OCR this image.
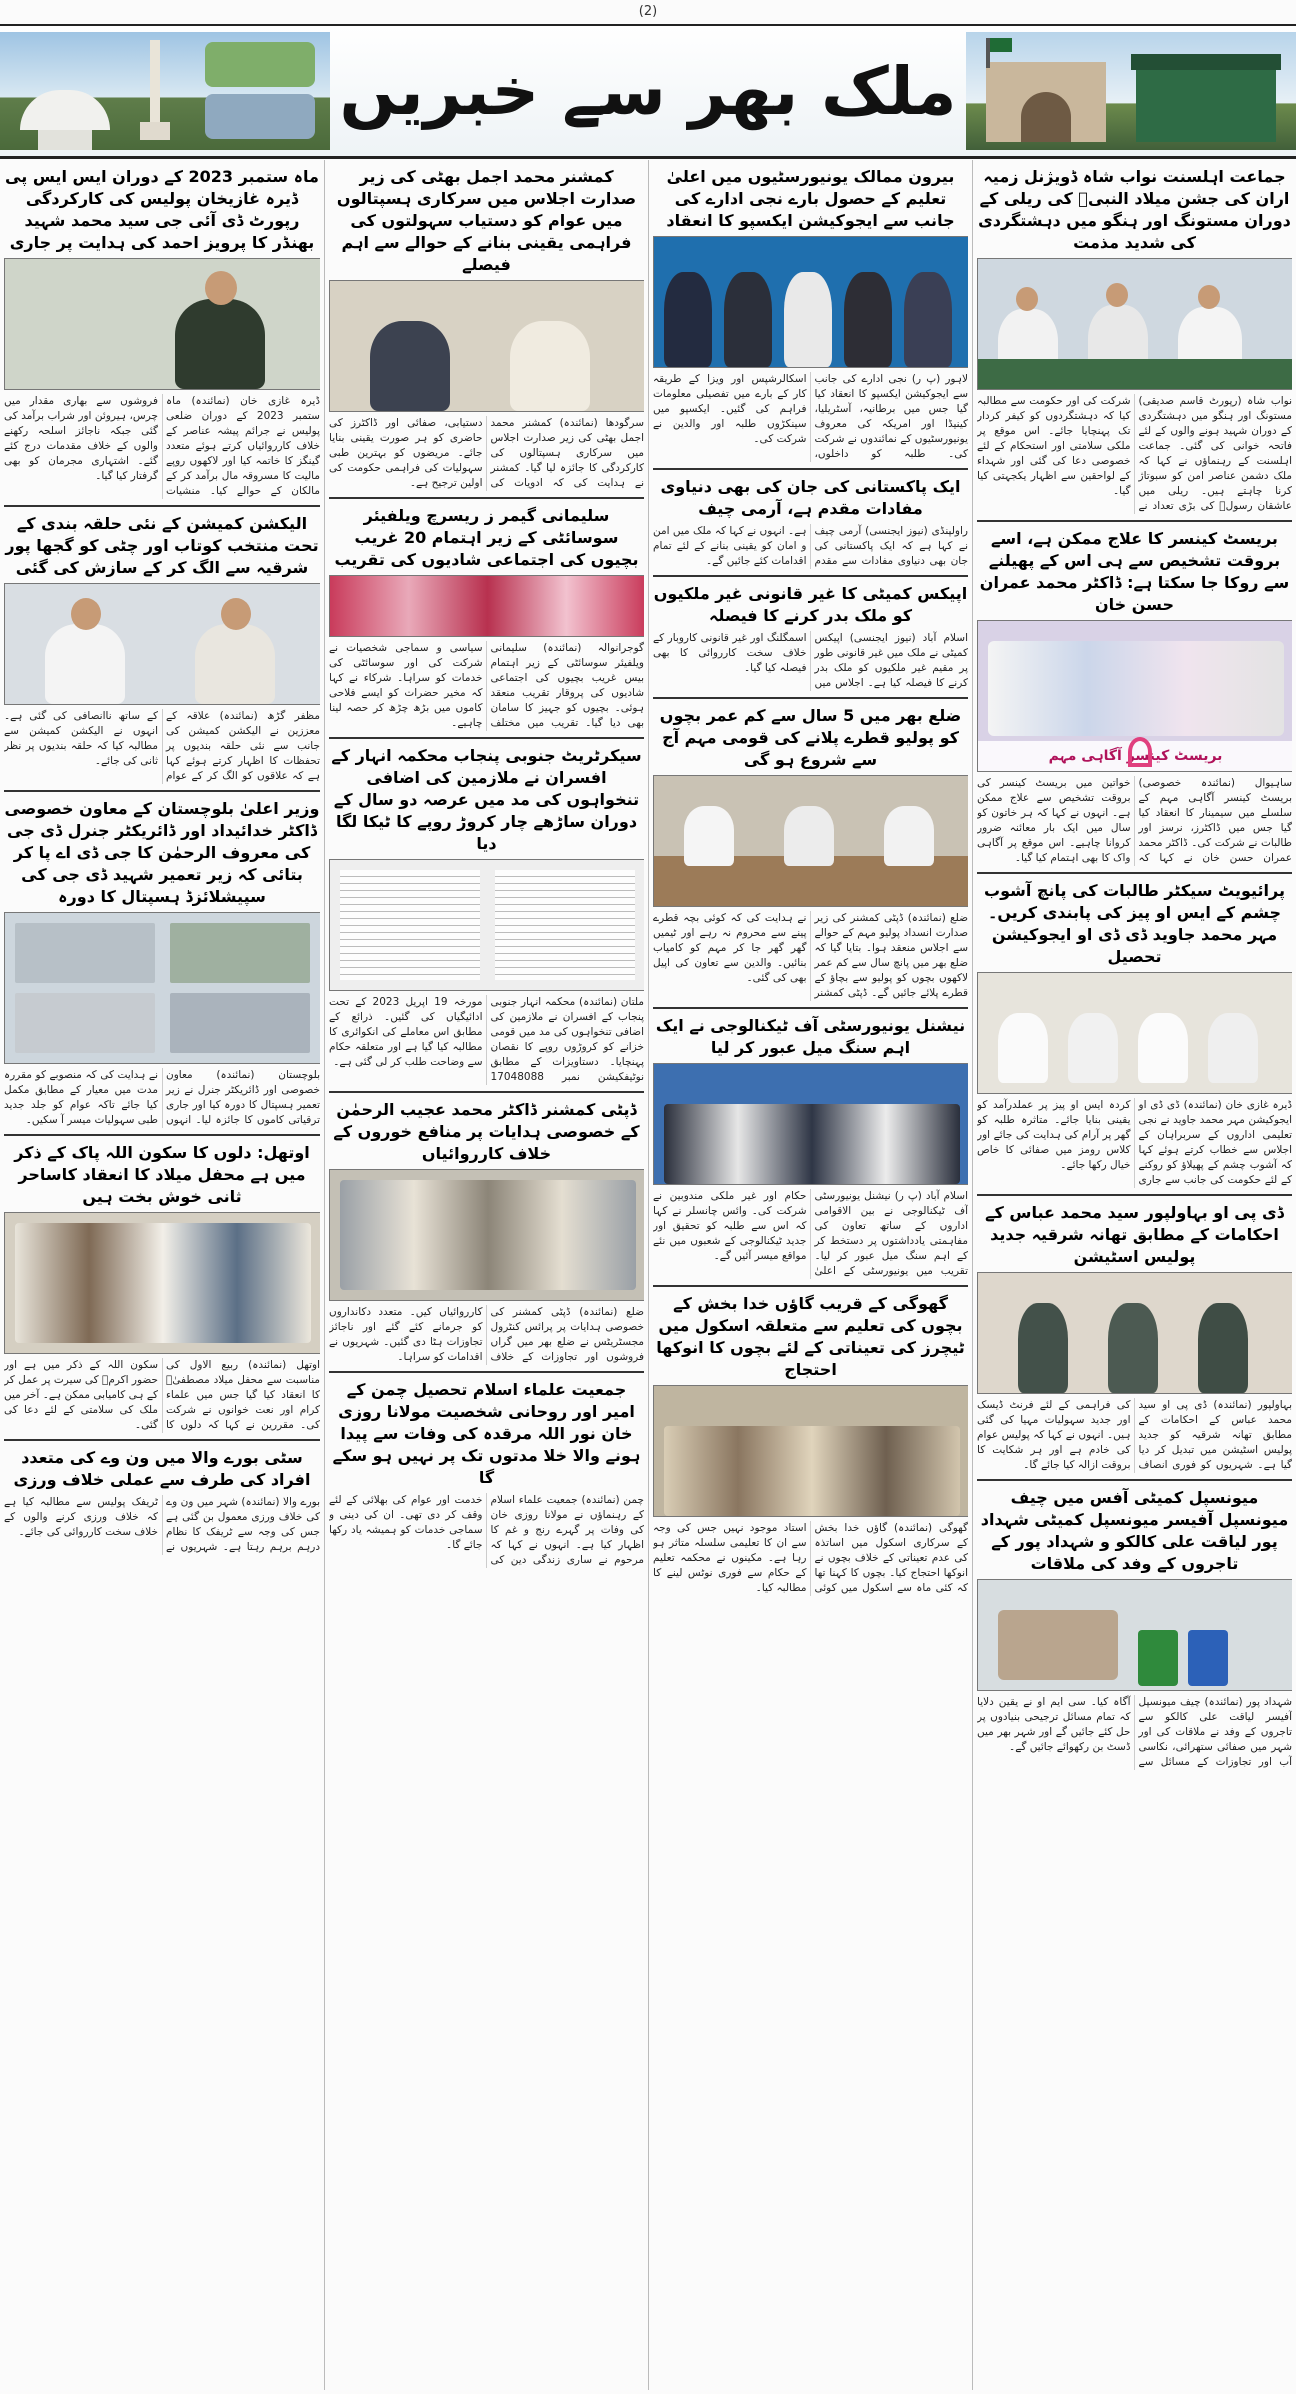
(2)
ملک بھر سے خبریں
جماعت اہلسنت نواب شاہ ڈویژنل زمیہ اران کی جشن میلاد النبیؐ کی ریلی کے دوران مستونگ اور ہنگو میں دہشتگردی کی شدید مذمت
نواب شاہ (رپورٹ قاسم صدیقی) مستونگ اور ہنگو میں دہشتگردی کے دوران شہید ہونے والوں کے لئے فاتحہ خوانی کی گئی۔ جماعت اہلسنت کے رہنماؤں نے کہا کہ ملک دشمن عناصر امن کو سبوتاژ کرنا چاہتے ہیں۔ ریلی میں عاشقان رسولؐ کی بڑی تعداد نے شرکت کی اور حکومت سے مطالبہ کیا کہ دہشتگردوں کو کیفر کردار تک پہنچایا جائے۔ اس موقع پر ملکی سلامتی اور استحکام کے لئے خصوصی دعا کی گئی اور شہداء کے لواحقین سے اظہار یکجہتی کیا گیا۔
بریسٹ کینسر کا علاج ممکن ہے، اسے بروقت تشخیص سے ہی اس کے پھیلنے سے روکا جا سکتا ہے: ڈاکٹر محمد عمران حسن خان
بریسٹ کینسر آگاہی مہم
ساہیوال (نمائندہ خصوصی) بریسٹ کینسر آگاہی مہم کے سلسلے میں سیمینار کا انعقاد کیا گیا جس میں ڈاکٹرز، نرسز اور طالبات نے شرکت کی۔ ڈاکٹر محمد عمران حسن خان نے کہا کہ خواتین میں بریسٹ کینسر کی بروقت تشخیص سے علاج ممکن ہے۔ انہوں نے کہا کہ ہر خاتون کو سال میں ایک بار معائنہ ضرور کروانا چاہیے۔ اس موقع پر آگاہی واک کا بھی اہتمام کیا گیا۔
پرائیویٹ سیکٹر طالبات کی پانچ آشوب چشم کے ایس او پیز کی پابندی کریں۔ مہر محمد جاوید ڈی ڈی او ایجوکیشن تحصیل
ڈیرہ غازی خان (نمائندہ) ڈی ڈی او ایجوکیشن مہر محمد جاوید نے نجی تعلیمی اداروں کے سربراہان کے اجلاس سے خطاب کرتے ہوئے کہا کہ آشوب چشم کے پھیلاؤ کو روکنے کے لئے حکومت کی جانب سے جاری کردہ ایس او پیز پر عملدرآمد کو یقینی بنایا جائے۔ متاثرہ طلبہ کو گھر پر آرام کی ہدایت کی جائے اور کلاس رومز میں صفائی کا خاص خیال رکھا جائے۔
ڈی پی او بہاولپور سید محمد عباس کے احکامات کے مطابق تھانہ شرقیہ جدید پولیس اسٹیشن
بہاولپور (نمائندہ) ڈی پی او سید محمد عباس کے احکامات کے مطابق تھانہ شرقیہ کو جدید پولیس اسٹیشن میں تبدیل کر دیا گیا ہے۔ شہریوں کو فوری انصاف کی فراہمی کے لئے فرنٹ ڈیسک اور جدید سہولیات مہیا کی گئی ہیں۔ انہوں نے کہا کہ پولیس عوام کی خادم ہے اور ہر شکایت کا بروقت ازالہ کیا جائے گا۔
میونسپل کمیٹی آفس میں چیف میونسپل آفیسر میونسپل کمیٹی شہداد پور لیاقت علی کالکو و شہداد پور کے تاجروں کے وفد کی ملاقات
شہداد پور (نمائندہ) چیف میونسپل آفیسر لیاقت علی کالکو سے تاجروں کے وفد نے ملاقات کی اور شہر میں صفائی ستھرائی، نکاسی آب اور تجاوزات کے مسائل سے آگاہ کیا۔ سی ایم او نے یقین دلایا کہ تمام مسائل ترجیحی بنیادوں پر حل کئے جائیں گے اور شہر بھر میں ڈسٹ بن رکھوائے جائیں گے۔
بیرون ممالک یونیورسٹیوں میں اعلیٰ تعلیم کے حصول بارے نجی ادارے کی جانب سے ایجوکیشن ایکسپو کا انعقاد
لاہور (پ ر) نجی ادارے کی جانب سے ایجوکیشن ایکسپو کا انعقاد کیا گیا جس میں برطانیہ، آسٹریلیا، کینیڈا اور امریکہ کی معروف یونیورسٹیوں کے نمائندوں نے شرکت کی۔ طلبہ کو داخلوں، اسکالرشپس اور ویزا کے طریقہ کار کے بارے میں تفصیلی معلومات فراہم کی گئیں۔ ایکسپو میں سینکڑوں طلبہ اور والدین نے شرکت کی۔
ایک پاکستانی کی جان کی بھی دنیاوی مفادات مقدم ہے، آرمی چیف
راولپنڈی (نیوز ایجنسی) آرمی چیف نے کہا ہے کہ ایک پاکستانی کی جان بھی دنیاوی مفادات سے مقدم ہے۔ انہوں نے کہا کہ ملک میں امن و امان کو یقینی بنانے کے لئے تمام اقدامات کئے جائیں گے۔
اپیکس کمیٹی کا غیر قانونی غیر ملکیوں کو ملک بدر کرنے کا فیصلہ
اسلام آباد (نیوز ایجنسی) اپیکس کمیٹی نے ملک میں غیر قانونی طور پر مقیم غیر ملکیوں کو ملک بدر کرنے کا فیصلہ کیا ہے۔ اجلاس میں اسمگلنگ اور غیر قانونی کاروبار کے خلاف سخت کارروائی کا بھی فیصلہ کیا گیا۔
ضلع بھر میں 5 سال سے کم عمر بچوں کو پولیو قطرے پلانے کی قومی مہم آج سے شروع ہو گی
ضلع (نمائندہ) ڈپٹی کمشنر کی زیر صدارت انسداد پولیو مہم کے حوالے سے اجلاس منعقد ہوا۔ بتایا گیا کہ ضلع بھر میں پانچ سال سے کم عمر لاکھوں بچوں کو پولیو سے بچاؤ کے قطرے پلائے جائیں گے۔ ڈپٹی کمشنر نے ہدایت کی کہ کوئی بچہ قطرے پینے سے محروم نہ رہے اور ٹیمیں گھر گھر جا کر مہم کو کامیاب بنائیں۔ والدین سے تعاون کی اپیل بھی کی گئی۔
نیشنل یونیورسٹی آف ٹیکنالوجی نے ایک اہم سنگ میل عبور کر لیا
اسلام آباد (پ ر) نیشنل یونیورسٹی آف ٹیکنالوجی نے بین الاقوامی اداروں کے ساتھ تعاون کی مفاہمتی یادداشتوں پر دستخط کر کے اہم سنگ میل عبور کر لیا۔ تقریب میں یونیورسٹی کے اعلیٰ حکام اور غیر ملکی مندوبین نے شرکت کی۔ وائس چانسلر نے کہا کہ اس سے طلبہ کو تحقیق اور جدید ٹیکنالوجی کے شعبوں میں نئے مواقع میسر آئیں گے۔
گھوگی کے قریب گاؤں خدا بخش کے بچوں کی تعلیم سے متعلقہ اسکول میں ٹیچرز کی تعیناتی کے لئے بچوں کا انوکھا احتجاج
گھوگی (نمائندہ) گاؤں خدا بخش کے سرکاری اسکول میں اساتذہ کی عدم تعیناتی کے خلاف بچوں نے انوکھا احتجاج کیا۔ بچوں کا کہنا تھا کہ کئی ماہ سے اسکول میں کوئی استاد موجود نہیں جس کی وجہ سے ان کا تعلیمی سلسلہ متاثر ہو رہا ہے۔ مکینوں نے محکمہ تعلیم کے حکام سے فوری نوٹس لینے کا مطالبہ کیا۔
کمشنر محمد اجمل بھٹی کی زیر صدارت اجلاس میں سرکاری ہسپتالوں میں عوام کو دستیاب سہولتوں کی فراہمی یقینی بنانے کے حوالے سے اہم فیصلے
سرگودھا (نمائندہ) کمشنر محمد اجمل بھٹی کی زیر صدارت اجلاس میں سرکاری ہسپتالوں کی کارکردگی کا جائزہ لیا گیا۔ کمشنر نے ہدایت کی کہ ادویات کی دستیابی، صفائی اور ڈاکٹرز کی حاضری کو ہر صورت یقینی بنایا جائے۔ مریضوں کو بہترین طبی سہولیات کی فراہمی حکومت کی اولین ترجیح ہے۔
سلیمانی گیمر ز ریسرچ ویلفیئر سوسائٹی کے زیر اہتمام 20 غریب بچیوں کی اجتماعی شادیوں کی تقریب
گوجرانوالہ (نمائندہ) سلیمانی ویلفیئر سوسائٹی کے زیر اہتمام بیس غریب بچیوں کی اجتماعی شادیوں کی پروقار تقریب منعقد ہوئی۔ بچیوں کو جہیز کا سامان بھی دیا گیا۔ تقریب میں مختلف سیاسی و سماجی شخصیات نے شرکت کی اور سوسائٹی کی خدمات کو سراہا۔ شرکاء نے کہا کہ مخیر حضرات کو ایسے فلاحی کاموں میں بڑھ چڑھ کر حصہ لینا چاہیے۔
سیکرٹریٹ جنوبی پنجاب محکمہ انہار کے افسران نے ملازمین کی اضافی تنخواہوں کی مد میں عرصہ دو سال کے دوران ساڑھے چار کروڑ روپے کا ٹیکا لگا دیا
ملتان (نمائندہ) محکمہ انہار جنوبی پنجاب کے افسران نے ملازمین کی اضافی تنخواہوں کی مد میں قومی خزانے کو کروڑوں روپے کا نقصان پہنچایا۔ دستاویزات کے مطابق نوٹیفکیشن نمبر 17048088 مورخہ 19 اپریل 2023 کے تحت ادائیگیاں کی گئیں۔ ذرائع کے مطابق اس معاملے کی انکوائری کا مطالبہ کیا گیا ہے اور متعلقہ حکام سے وضاحت طلب کر لی گئی ہے۔
ڈپٹی کمشنر ڈاکٹر محمد عجیب الرحمٰن کے خصوصی ہدایات پر منافع خوروں کے خلاف کارروائیاں
ضلع (نمائندہ) ڈپٹی کمشنر کی خصوصی ہدایات پر پرائس کنٹرول مجسٹریٹس نے ضلع بھر میں گراں فروشوں اور تجاوزات کے خلاف کارروائیاں کیں۔ متعدد دکانداروں کو جرمانے کئے گئے اور ناجائز تجاوزات ہٹا دی گئیں۔ شہریوں نے اقدامات کو سراہا۔
جمعیت علماء اسلام تحصیل چمن کے امیر اور روحانی شخصیت مولانا روزی خان نور اللہ مرقدہ کی وفات سے پیدا ہونے والا خلا مدتوں تک پر نہیں ہو سکے گا
چمن (نمائندہ) جمعیت علماء اسلام کے رہنماؤں نے مولانا روزی خان کی وفات پر گہرے رنج و غم کا اظہار کیا ہے۔ انہوں نے کہا کہ مرحوم نے ساری زندگی دین کی خدمت اور عوام کی بھلائی کے لئے وقف کر دی تھی۔ ان کی دینی و سماجی خدمات کو ہمیشہ یاد رکھا جائے گا۔
ماہ ستمبر 2023 کے دوران ایس ایس پی ڈیرہ غازیخان پولیس کی کارکردگی رپورٹ ڈی آئی جی سید محمد شہید بھنڈر کا پرویز احمد کی ہدایت پر جاری
ڈیرہ غازی خان (نمائندہ) ماہ ستمبر 2023 کے دوران ضلعی پولیس نے جرائم پیشہ عناصر کے خلاف کارروائیاں کرتے ہوئے متعدد گینگز کا خاتمہ کیا اور لاکھوں روپے مالیت کا مسروقہ مال برآمد کر کے مالکان کے حوالے کیا۔ منشیات فروشوں سے بھاری مقدار میں چرس، ہیروئن اور شراب برآمد کی گئی جبکہ ناجائز اسلحہ رکھنے والوں کے خلاف مقدمات درج کئے گئے۔ اشتہاری مجرمان کو بھی گرفتار کیا گیا۔
الیکشن کمیشن کے نئی حلقہ بندی کے تحت منتخب کوتاب اور چٹی کو گجھا پور شرقیہ سے الگ کر کے سازش کی گئی
مظفر گڑھ (نمائندہ) علاقہ کے معززین نے الیکشن کمیشن کی جانب سے نئی حلقہ بندیوں پر تحفظات کا اظہار کرتے ہوئے کہا ہے کہ علاقوں کو الگ کر کے عوام کے ساتھ ناانصافی کی گئی ہے۔ انہوں نے الیکشن کمیشن سے مطالبہ کیا کہ حلقہ بندیوں پر نظر ثانی کی جائے۔
وزیر اعلیٰ بلوچستان کے معاون خصوصی ڈاکٹر خدائیداد اور ڈائریکٹر جنرل ڈی جی کی معروف الرحمٰن کا جی ڈی اے پا کر بتائی کہ زیر تعمیر شہید ڈی جی کی سپیشلائزڈ ہسپتال کا دورہ
بلوچستان (نمائندہ) معاون خصوصی اور ڈائریکٹر جنرل نے زیر تعمیر ہسپتال کا دورہ کیا اور جاری ترقیاتی کاموں کا جائزہ لیا۔ انہوں نے ہدایت کی کہ منصوبے کو مقررہ مدت میں معیار کے مطابق مکمل کیا جائے تاکہ عوام کو جلد جدید طبی سہولیات میسر آ سکیں۔
اوتھل: دلوں کا سکون اللہ پاک کے ذکر میں ہے محفل میلاد کا انعقاد کاساحر ثانی خوش بخت ہیں
اوتھل (نمائندہ) ربیع الاول کی مناسبت سے محفل میلاد مصطفیٰؐ کا انعقاد کیا گیا جس میں علماء کرام اور نعت خوانوں نے شرکت کی۔ مقررین نے کہا کہ دلوں کا سکون اللہ کے ذکر میں ہے اور حضور اکرمؐ کی سیرت پر عمل کر کے ہی کامیابی ممکن ہے۔ آخر میں ملک کی سلامتی کے لئے دعا کی گئی۔
سٹی بورے والا میں ون وے کی متعدد افراد کی طرف سے عملی خلاف ورزی
بورے والا (نمائندہ) شہر میں ون وے کی خلاف ورزی معمول بن گئی ہے جس کی وجہ سے ٹریفک کا نظام درہم برہم رہتا ہے۔ شہریوں نے ٹریفک پولیس سے مطالبہ کیا ہے کہ خلاف ورزی کرنے والوں کے خلاف سخت کارروائی کی جائے۔
